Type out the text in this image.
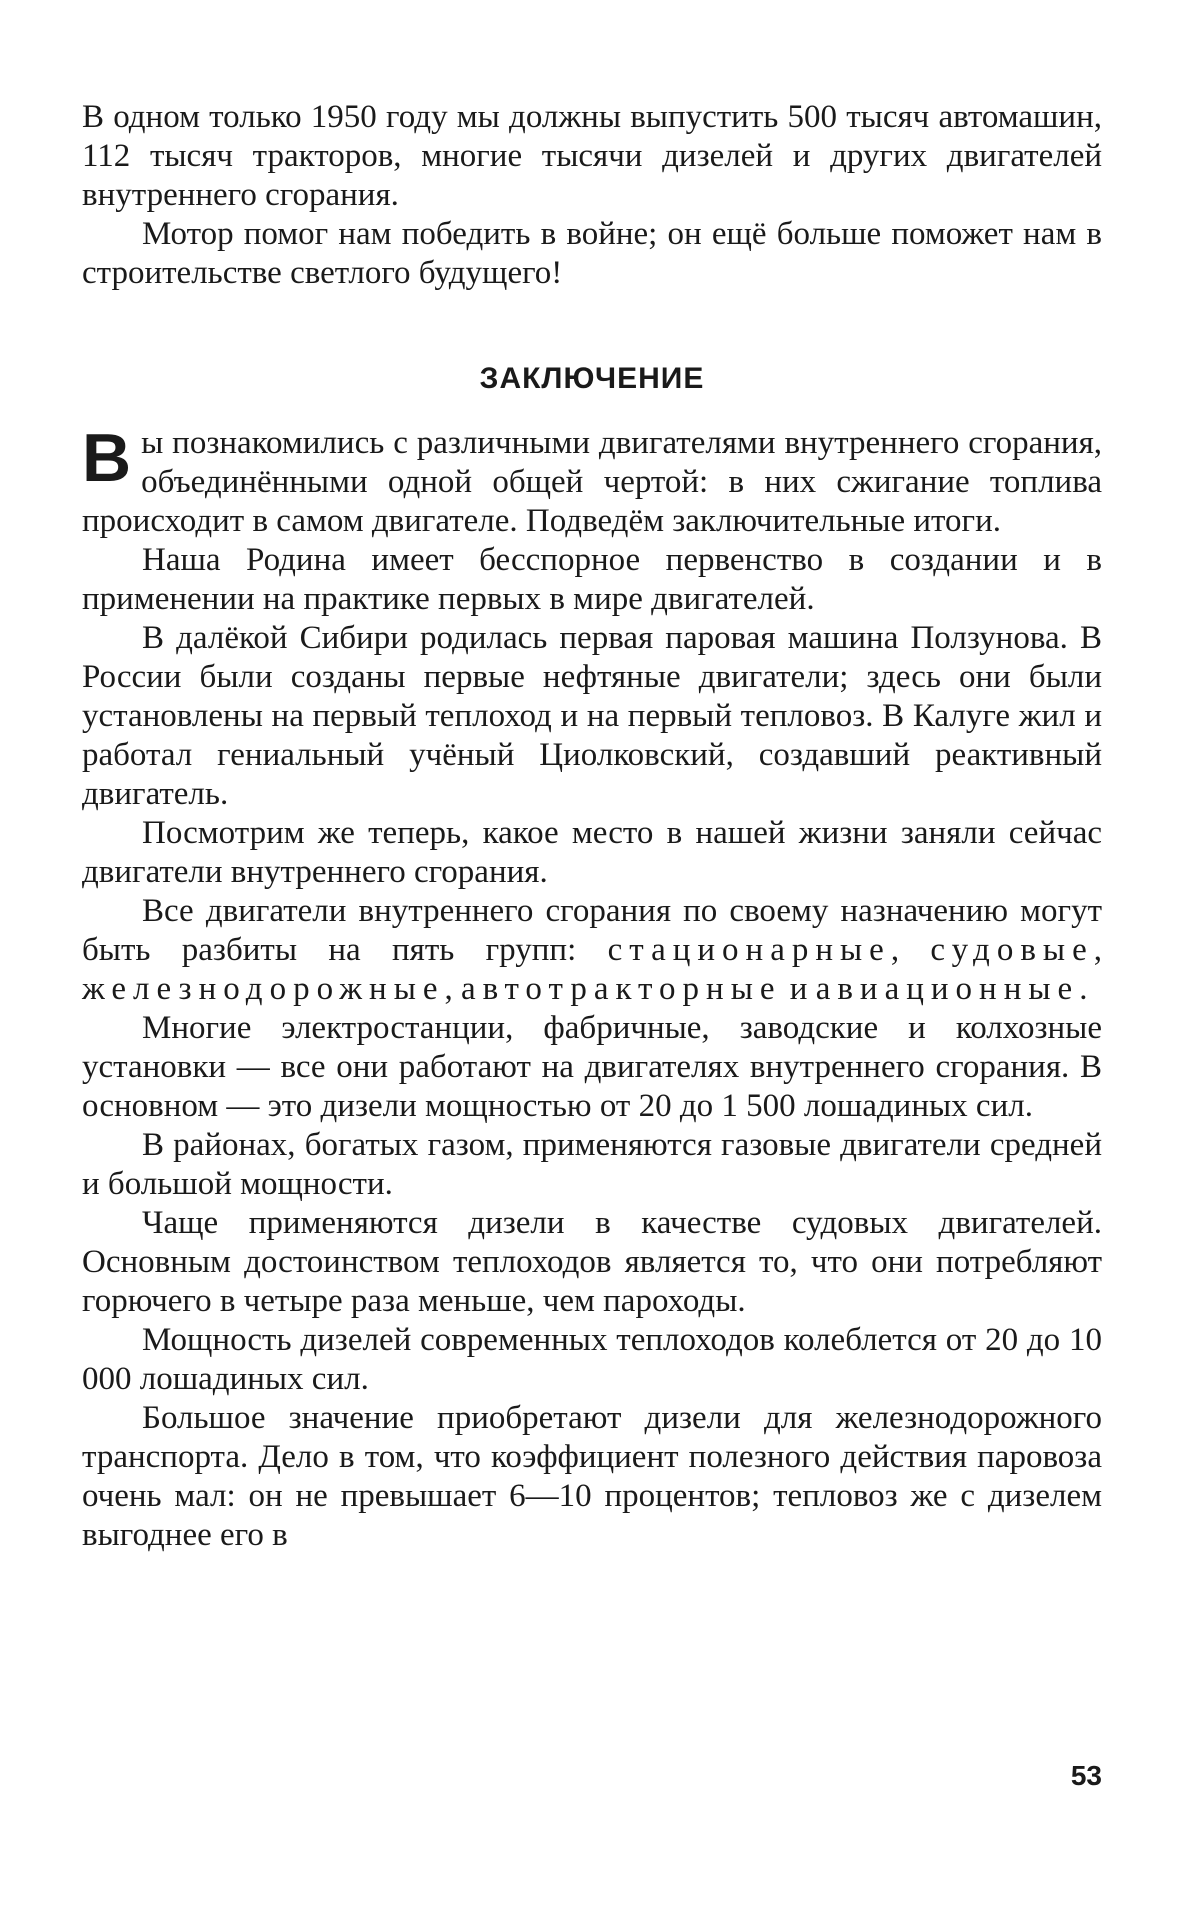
В одном только 1950 году мы должны выпустить 500 тысяч автомашин, 112 тысяч тракторов, многие тысячи дизелей и других двигателей внутреннего сгорания.

Мотор помог нам победить в войне; он ещё больше поможет нам в строительстве светлого будущего!

ЗАКЛЮЧЕНИЕ

Вы познакомились с различными двигателями внутреннего сгорания, объединёнными одной общей чертой: в них сжигание топлива происходит в самом двигателе. Подведём заключительные итоги.

Наша Родина имеет бесспорное первенство в создании и в применении на практике первых в мире двигателей.

В далёкой Сибири родилась первая паровая машина Ползунова. В России были созданы первые нефтяные двигатели; здесь они были установлены на первый теплоход и на первый тепловоз. В Калуге жил и работал гениальный учёный Циолковский, создавший реактивный двигатель.

Посмотрим же теперь, какое место в нашей жизни заняли сейчас двигатели внутреннего сгорания.

Все двигатели внутреннего сгорания по своему назначению могут быть разбиты на пять групп: стационарные, судовые, железнодорожные, автотракторные и авиационные.

Многие электростанции, фабричные, заводские и колхозные установки — все они работают на двигателях внутреннего сгорания. В основном — это дизели мощностью от 20 до 1 500 лошадиных сил.

В районах, богатых газом, применяются газовые двигатели средней и большой мощности.

Чаще применяются дизели в качестве судовых двигателей. Основным достоинством теплоходов является то, что они потребляют горючего в четыре раза меньше, чем пароходы.

Мощность дизелей современных теплоходов колеблется от 20 до 10 000 лошадиных сил.

Большое значение приобретают дизели для железнодорожного транспорта. Дело в том, что коэффициент полезного действия паровоза очень мал: он не превышает 6—10 процентов; тепловоз же с дизелем выгоднее его в

53
